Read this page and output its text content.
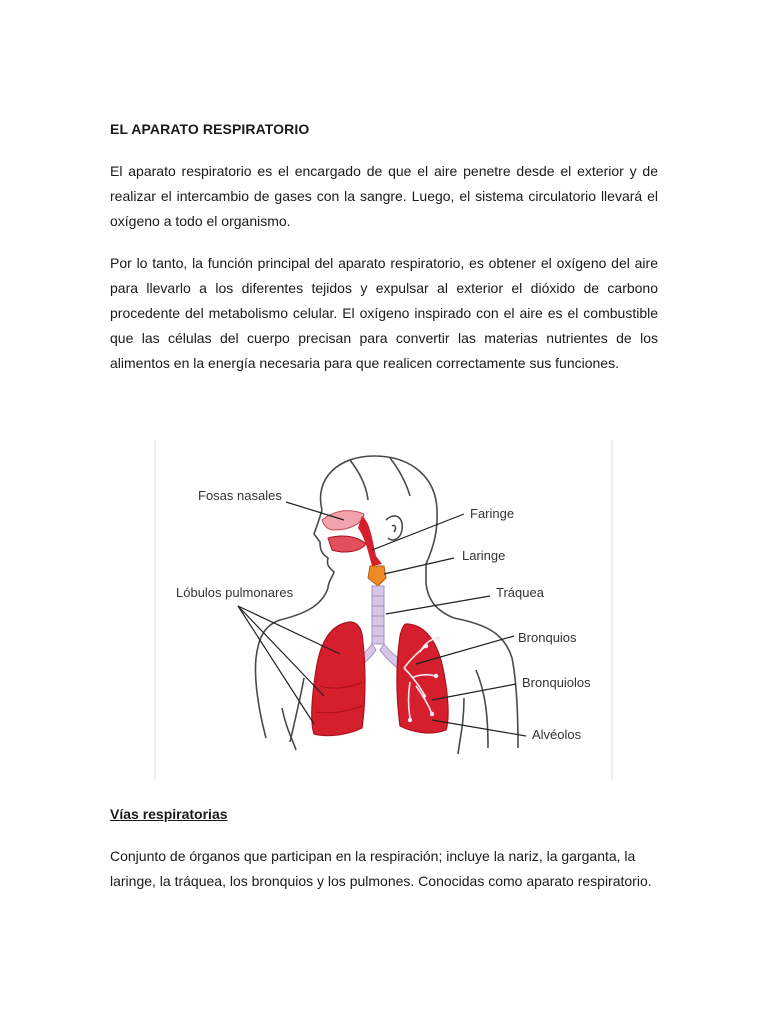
EL APARATO RESPIRATORIO

El aparato respiratorio es el encargado de que el aire penetre desde el exterior y de realizar el intercambio de gases con la sangre. Luego, el sistema circulatorio llevará el oxígeno a todo el organismo.

Por lo tanto, la función principal del aparato respiratorio, es obtener el oxígeno del aire para llevarlo a los diferentes tejidos y expulsar al exterior el dióxido de carbono procedente del metabolismo celular. El oxígeno inspirado con el aire es el combustible que las células del cuerpo precisan para convertir las materias nutrientes de los alimentos en la energía necesaria para que realicen correctamente sus funciones.

Fosas nasales
Faringe
Laringe
Lóbulos pulmonares	Tráquea
Bronquios
Bronquiolos
Alvéolos
Vías respiratorias

Conjunto de órganos que participan en la respiración; incluye la nariz, la garganta, la laringe, la tráquea, los bronquios y los pulmones. Conocidas como aparato respiratorio.
